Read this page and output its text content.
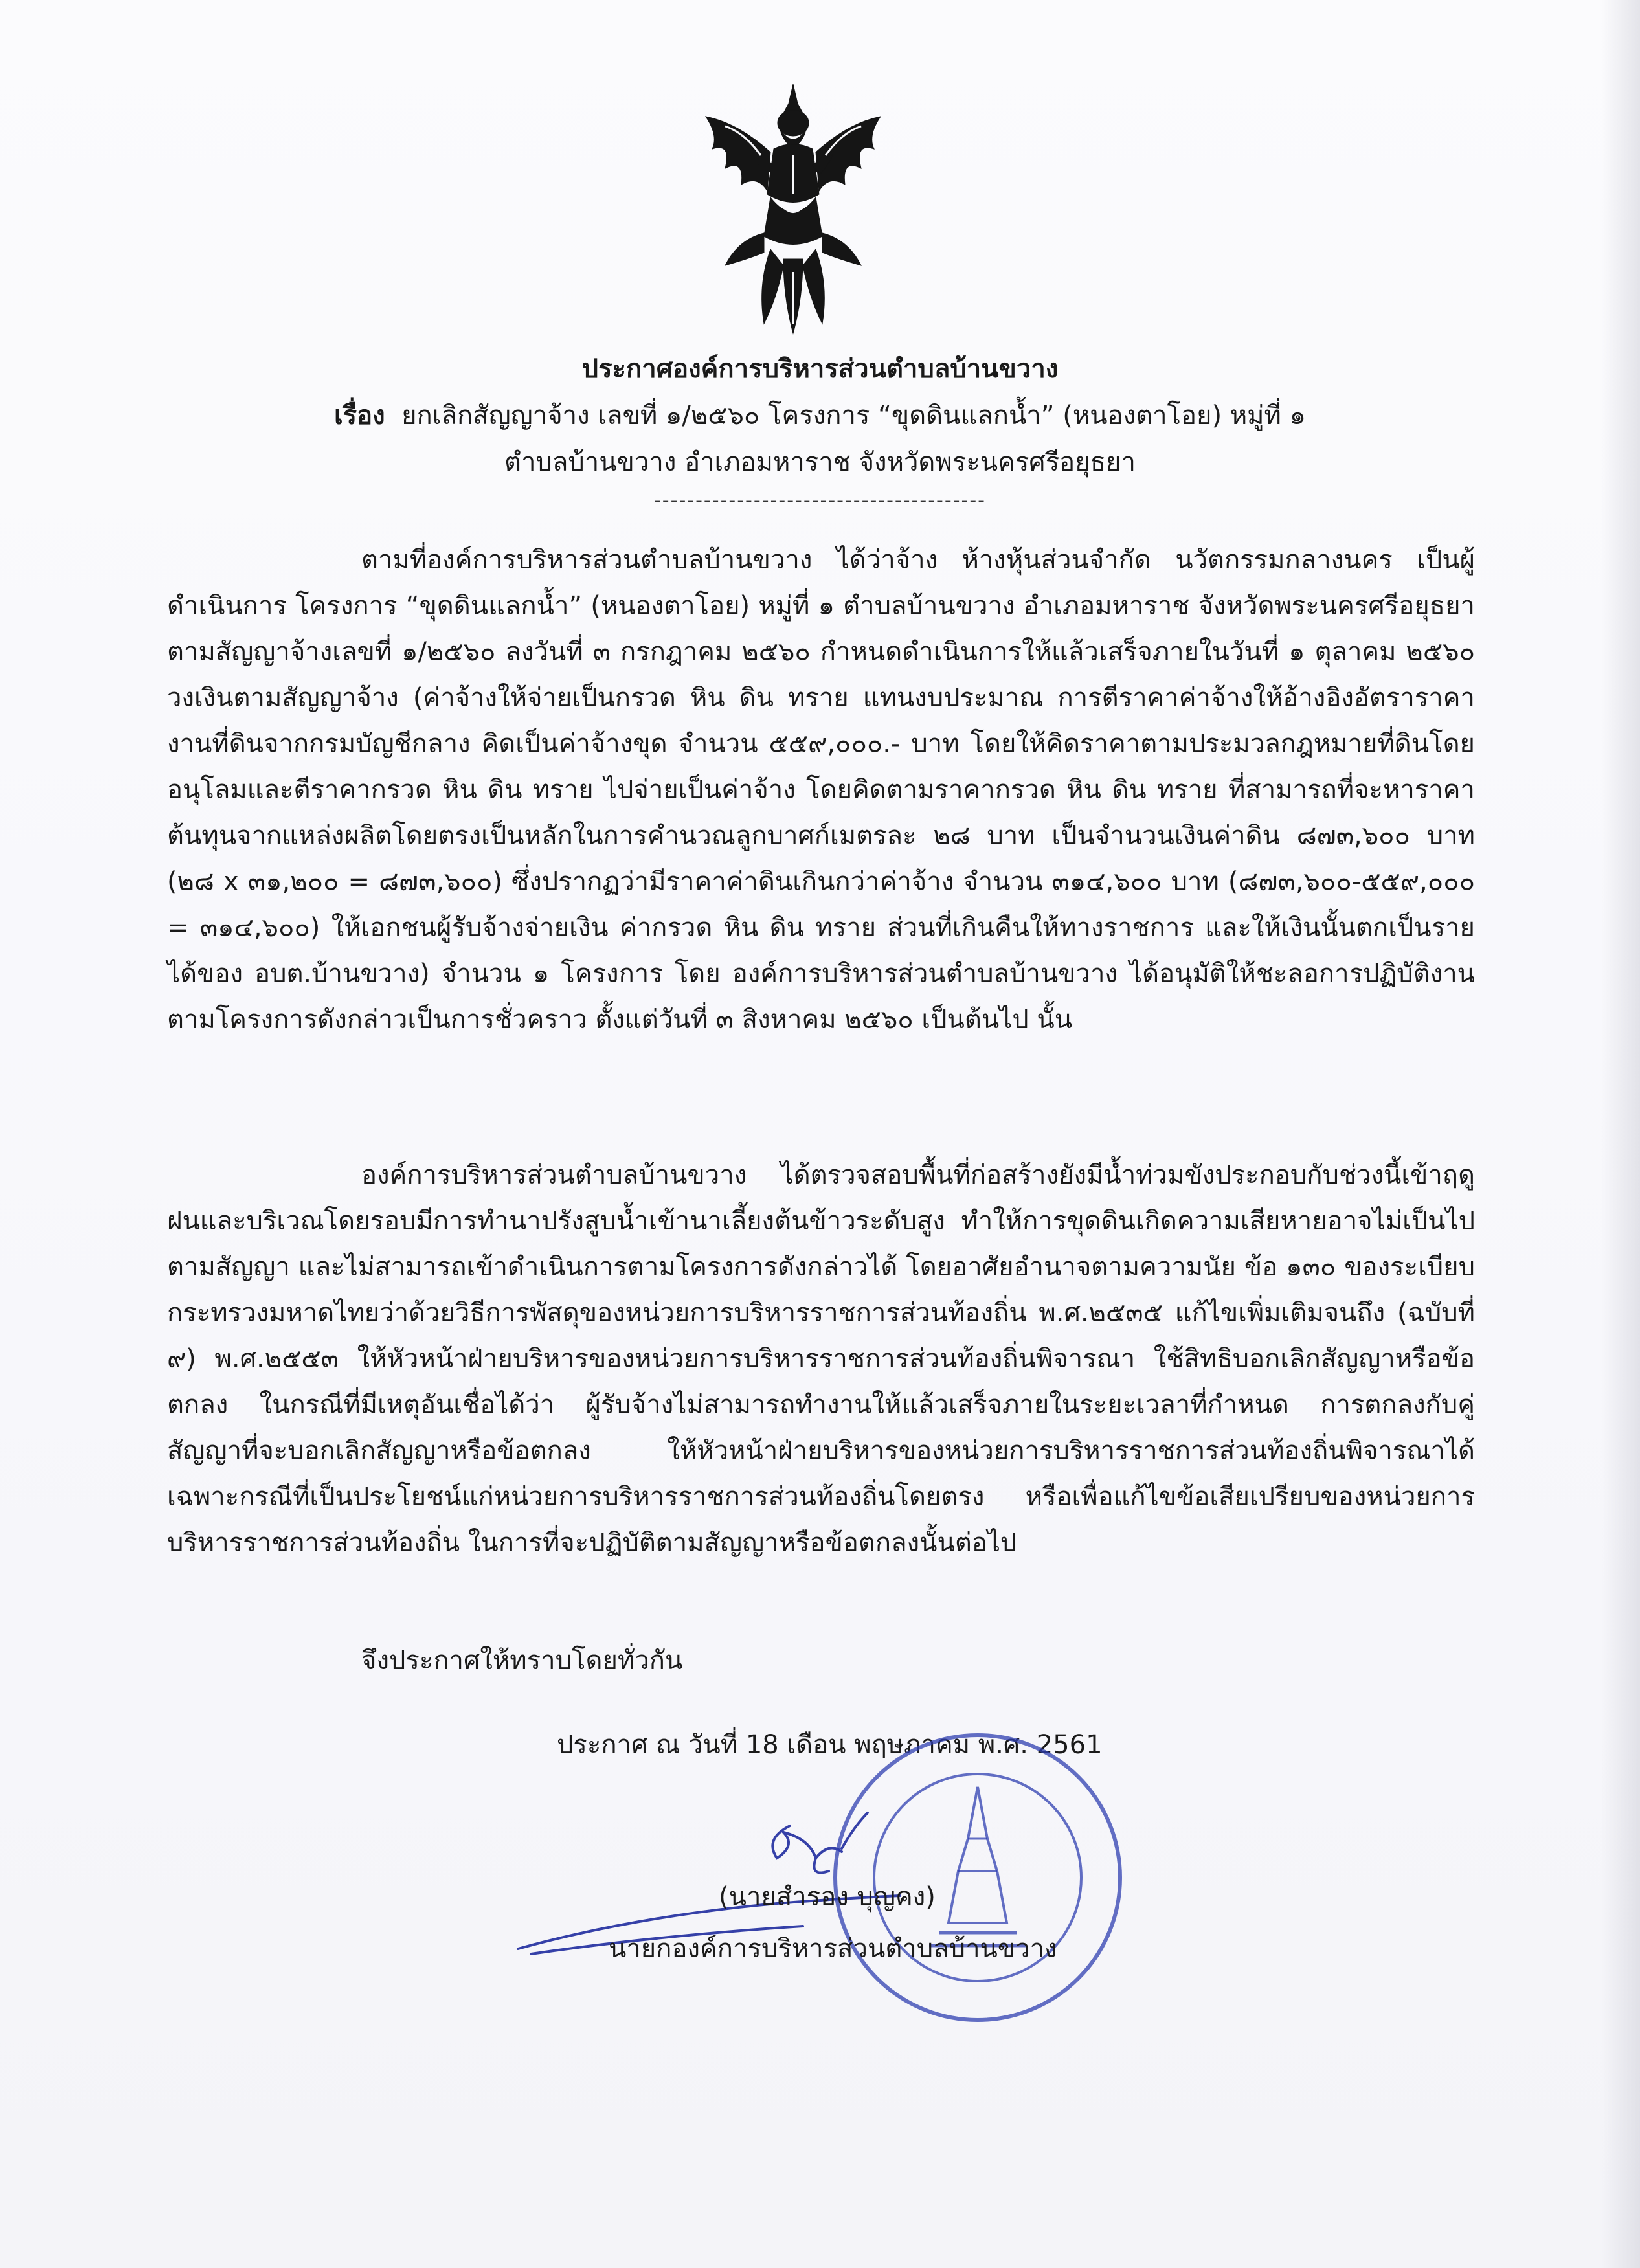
ประกาศองค์การบริหารส่วนตำบลบ้านขวาง
เรื่อง ยกเลิกสัญญาจ้าง เลขที่ ๑/๒๕๖๐ โครงการ “ขุดดินแลกน้ำ” (หนองตาโอย) หมู่ที่ ๑
ตำบลบ้านขวาง อำเภอมหาราช จังหวัดพระนครศรีอยุธยา
----------------------------------------

ตามที่องค์การบริหารส่วนตำบลบ้านขวาง ได้ว่าจ้าง ห้างหุ้นส่วนจำกัด นวัตกรรมกลางนคร เป็นผู้ดำเนินการ โครงการ “ขุดดินแลกน้ำ” (หนองตาโอย) หมู่ที่ ๑ ตำบลบ้านขวาง อำเภอมหาราช จังหวัดพระนครศรีอยุธยา ตามสัญญาจ้างเลขที่ ๑/๒๕๖๐ ลงวันที่ ๓ กรกฎาคม ๒๕๖๐ กำหนดดำเนินการให้แล้วเสร็จภายในวันที่ ๑ ตุลาคม ๒๕๖๐ วงเงินตามสัญญาจ้าง (ค่าจ้างให้จ่ายเป็นกรวด หิน ดิน ทราย แทนงบประมาณ การตีราคาค่าจ้างให้อ้างอิงอัตราราคางานที่ดินจากกรมบัญชีกลาง คิดเป็นค่าจ้างขุด จำนวน ๕๕๙,๐๐๐.- บาท โดยให้คิดราคาตามประมวลกฎหมายที่ดินโดยอนุโลมและตีราคากรวด หิน ดิน ทราย ไปจ่ายเป็นค่าจ้าง โดยคิดตามราคากรวด หิน ดิน ทราย ที่สามารถที่จะหาราคาต้นทุนจากแหล่งผลิตโดยตรงเป็นหลักในการคำนวณลูกบาศก์เมตรละ ๒๘ บาท เป็นจำนวนเงินค่าดิน ๘๗๓,๖๐๐ บาท (๒๘ x ๓๑,๒๐๐ = ๘๗๓,๖๐๐) ซึ่งปรากฏว่ามีราคาค่าดินเกินกว่าค่าจ้าง จำนวน ๓๑๔,๖๐๐ บาท (๘๗๓,๖๐๐-๕๕๙,๐๐๐ = ๓๑๔,๖๐๐) ให้เอกชนผู้รับจ้างจ่ายเงิน ค่ากรวด หิน ดิน ทราย ส่วนที่เกินคืนให้ทางราชการ และให้เงินนั้นตกเป็นรายได้ของ อบต.บ้านขวาง) จำนวน ๑ โครงการ โดย องค์การบริหารส่วนตำบลบ้านขวาง ได้อนุมัติให้ชะลอการปฏิบัติงานตามโครงการดังกล่าวเป็นการชั่วคราว ตั้งแต่วันที่ ๓ สิงหาคม ๒๕๖๐ เป็นต้นไป นั้น

องค์การบริหารส่วนตำบลบ้านขวาง ได้ตรวจสอบพื้นที่ก่อสร้างยังมีน้ำท่วมขังประกอบกับช่วงนี้เข้าฤดูฝนและบริเวณโดยรอบมีการทำนาปรังสูบน้ำเข้านาเลี้ยงต้นข้าวระดับสูง ทำให้การขุดดินเกิดความเสียหายอาจไม่เป็นไปตามสัญญา และไม่สามารถเข้าดำเนินการตามโครงการดังกล่าวได้ โดยอาศัยอำนาจตามความนัย ข้อ ๑๓๐ ของระเบียบกระทรวงมหาดไทยว่าด้วยวิธีการพัสดุของหน่วยการบริหารราชการส่วนท้องถิ่น พ.ศ.๒๕๓๕ แก้ไขเพิ่มเติมจนถึง (ฉบับที่ ๙) พ.ศ.๒๕๕๓ ให้หัวหน้าฝ่ายบริหารของหน่วยการบริหารราชการส่วนท้องถิ่นพิจารณา ใช้สิทธิบอกเลิกสัญญาหรือข้อตกลง ในกรณีที่มีเหตุอันเชื่อได้ว่า ผู้รับจ้างไม่สามารถทำงานให้แล้วเสร็จภายในระยะเวลาที่กำหนด การตกลงกับคู่สัญญาที่จะบอกเลิกสัญญาหรือข้อตกลง ให้หัวหน้าฝ่ายบริหารของหน่วยการบริหารราชการส่วนท้องถิ่นพิจารณาได้เฉพาะกรณีที่เป็นประโยชน์แก่หน่วยการบริหารราชการส่วนท้องถิ่นโดยตรง หรือเพื่อแก้ไขข้อเสียเปรียบของหน่วยการบริหารราชการส่วนท้องถิ่น ในการที่จะปฏิบัติตามสัญญาหรือข้อตกลงนั้นต่อไป

จึงประกาศให้ทราบโดยทั่วกัน
ประกาศ ณ วันที่ 18 เดือน พฤษภาคม พ.ศ. 2561
(นายสำรอง บุญคง)
นายกองค์การบริหารส่วนตำบลบ้านขวาง
